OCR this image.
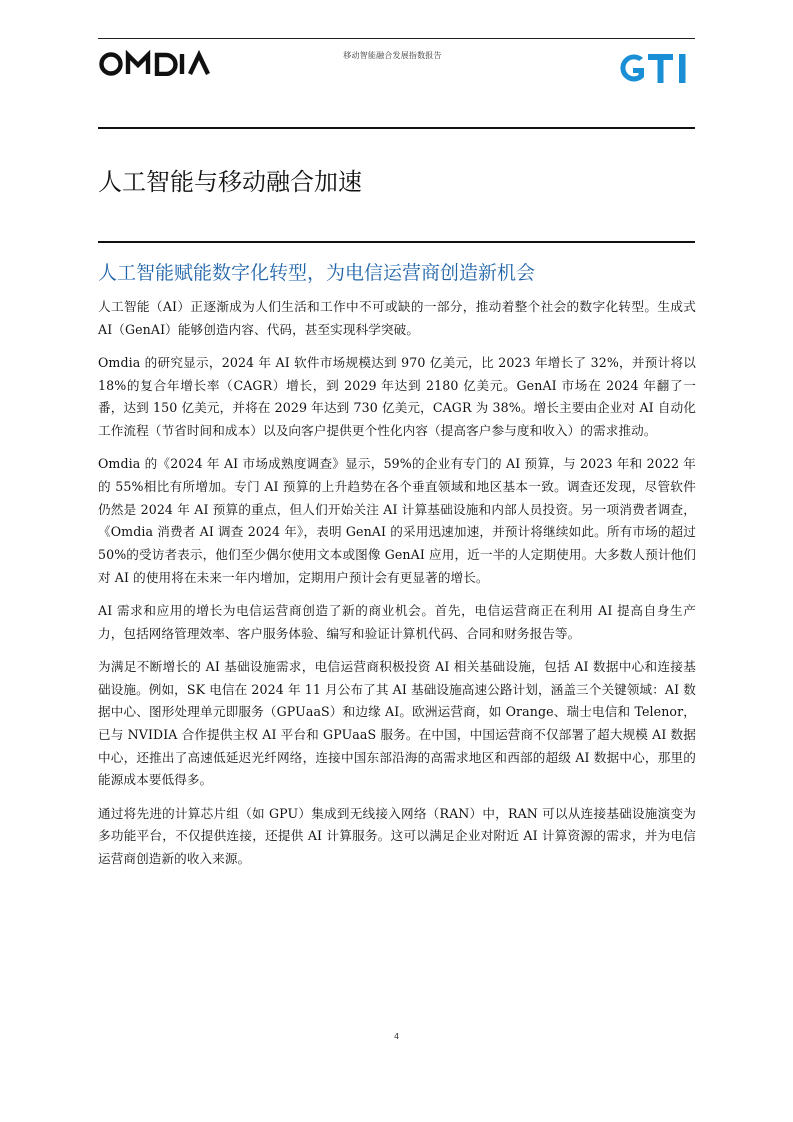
移动智能融合发展指数报告
人工智能与移动融合加速
人工智能赋能数字化转型，为电信运营商创造新机会

人工智能（AI）正逐渐成为人们生活和工作中不可或缺的一部分，推动着整个社会的数字化转型。生成式 AI（GenAI）能够创造内容、代码，甚至实现科学突破。

Omdia 的研究显示，2024 年 AI 软件市场规模达到 970 亿美元，比 2023 年增长了 32%，并预计将以 18%的复合年增长率（CAGR）增长，到 2029 年达到 2180 亿美元。GenAI 市场在 2024 年翻了一番，达到 150 亿美元，并将在 2029 年达到 730 亿美元，CAGR 为 38%。增长主要由企业对 AI 自动化工作流程（节省时间和成本）以及向客户提供更个性化内容（提高客户参与度和收入）的需求推动。

Omdia 的《2024 年 AI 市场成熟度调查》显示，59%的企业有专门的 AI 预算，与 2023 年和 2022 年的 55%相比有所增加。专门 AI 预算的上升趋势在各个垂直领域和地区基本一致。调查还发现，尽管软件仍然是 2024 年 AI 预算的重点，但人们开始关注 AI 计算基础设施和内部人员投资。另一项消费者调查，《Omdia 消费者 AI 调查 2024 年》，表明 GenAI 的采用迅速加速，并预计将继续如此。所有市场的超过 50%的受访者表示，他们至少偶尔使用文本或图像 GenAI 应用，近一半的人定期使用。大多数人预计他们对 AI 的使用将在未来一年内增加，定期用户预计会有更显著的增长。

AI 需求和应用的增长为电信运营商创造了新的商业机会。首先，电信运营商正在利用 AI 提高自身生产力，包括网络管理效率、客户服务体验、编写和验证计算机代码、合同和财务报告等。

为满足不断增长的 AI 基础设施需求，电信运营商积极投资 AI 相关基础设施，包括 AI 数据中心和连接基础设施。例如，SK 电信在 2024 年 11 月公布了其 AI 基础设施高速公路计划，涵盖三个关键领域：AI 数据中心、图形处理单元即服务（GPUaaS）和边缘 AI。欧洲运营商，如 Orange、瑞士电信和 Telenor，已与 NVIDIA 合作提供主权 AI 平台和 GPUaaS 服务。在中国，中国运营商不仅部署了超大规模 AI 数据中心，还推出了高速低延迟光纤网络，连接中国东部沿海的高需求地区和西部的超级 AI 数据中心，那里的能源成本要低得多。

通过将先进的计算芯片组（如 GPU）集成到无线接入网络（RAN）中，RAN 可以从连接基础设施演变为多功能平台，不仅提供连接，还提供 AI 计算服务。这可以满足企业对附近 AI 计算资源的需求，并为电信运营商创造新的收入来源。

4
